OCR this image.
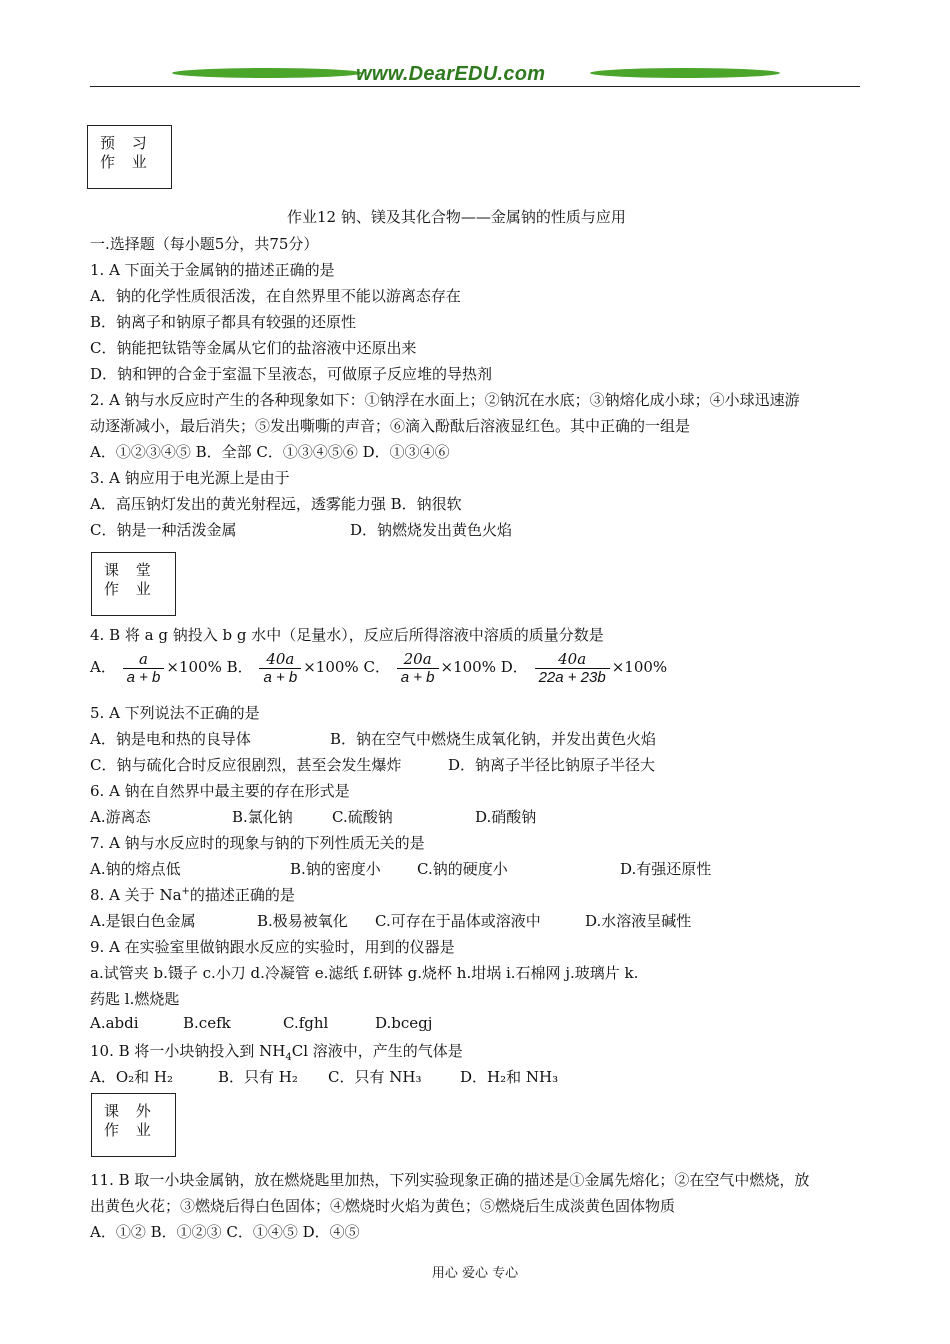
www.DearEDU.com
预 习
作 业
作业12 钠、镁及其化合物——金属钠的性质与应用
一.选择题（每小题5分，共75分）
1. A 下面关于金属钠的描述正确的是
A．钠的化学性质很活泼，在自然界里不能以游离态存在
B．钠离子和钠原子都具有较强的还原性
C．钠能把钛锆等金属从它们的盐溶液中还原出来
D．钠和钾的合金于室温下呈液态，可做原子反应堆的导热剂
2. A 钠与水反应时产生的各种现象如下：①钠浮在水面上；②钠沉在水底；③钠熔化成小球；④小球迅速游
动逐渐减小，最后消失；⑤发出嘶嘶的声音；⑥滴入酚酞后溶液显红色。其中正确的一组是
A．①②③④⑤ B．全部 C．①③④⑤⑥ D．①③④⑥
3. A 钠应用于电光源上是由于
A．高压钠灯发出的黄光射程远，透雾能力强 B．钠很软
C．钠是一种活泼金属	D．钠燃烧发出黄色火焰
课 堂
作 业
4. B 将 a g 钠投入 b g 水中（足量水），反应后所得溶液中溶质的质量分数是
A． $\frac{a}{a + b} \times 100\%$ B． $\frac{40a}{a + b} \times 100\%$ C． $\frac{20a}{a + b} \times 100\%$ D． $\frac{40a}{22a + 23b} \times 100\%$
5. A 下列说法不正确的是
A．钠是电和热的良导体	B．钠在空气中燃烧生成氧化钠，并发出黄色火焰
C．钠与硫化合时反应很剧烈，甚至会发生爆炸	D．钠离子半径比钠原子半径大
6. A 钠在自然界中最主要的存在形式是
A.游离态	B.氯化钠	C.硫酸钠	D.硝酸钠
7. A 钠与水反应时的现象与钠的下列性质无关的是
A.钠的熔点低	B.钠的密度小 C.钠的硬度小	D.有强还原性
8. A 关于 Na+的描述正确的是
A.是银白色金属	B.极易被氧化 C.可存在于晶体或溶液中	D.水溶液呈碱性
9. A 在实验室里做钠跟水反应的实验时，用到的仪器是
a.试管夹 b.镊子 c.小刀 d.冷凝管 e.滤纸 f.研钵 g.烧杯 h.坩埚 i.石棉网 j.玻璃片 k.
药匙 l.燃烧匙
A.abdi	B.cefk	C.fghl	D.bcegj
10. B 将一小块钠投入到 $NH_4Cl$ 溶液中，产生的气体是
A．O₂和 H₂	B．只有 H₂ C．只有 NH₃	D．H₂和 NH₃
课 外
作 业
11. B 取一小块金属钠，放在燃烧匙里加热，下列实验现象正确的描述是①金属先熔化；②在空气中燃烧，放
出黄色火花；③燃烧后得白色固体；④燃烧时火焰为黄色；⑤燃烧后生成淡黄色固体物质
A．①② B．①②③ C．①④⑤ D．④⑤
用心 爱心 专心
